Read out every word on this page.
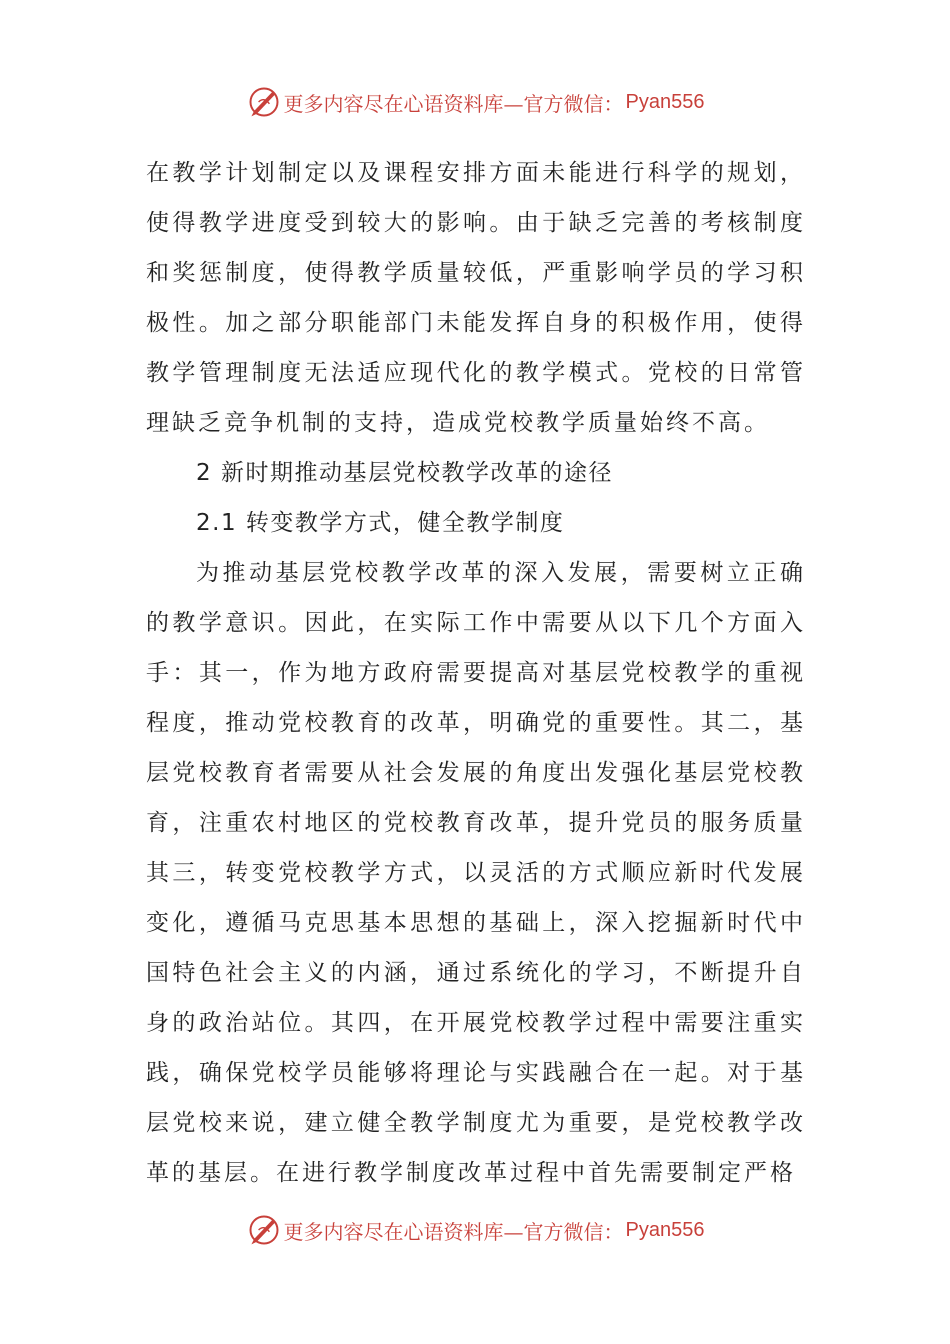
更多内容尽在心语资料库—官方微信： Pyan556

在教学计划制定以及课程安排方面未能进行科学的规划，使得教学进度受到较大的影响。由于缺乏完善的考核制度和奖惩制度，使得教学质量较低，严重影响学员的学习积极性。加之部分职能部门未能发挥自身的积极作用，使得教学管理制度无法适应现代化的教学模式。党校的日常管理缺乏竞争机制的支持，造成党校教学质量始终不高。

2 新时期推动基层党校教学改革的途径

2.1 转变教学方式，健全教学制度

为推动基层党校教学改革的深入发展，需要树立正确的教学意识。因此，在实际工作中需要从以下几个方面入手：其一，作为地方政府需要提高对基层党校教学的重视程度，推动党校教育的改革，明确党的重要性。其二，基层党校教育者需要从社会发展的角度出发强化基层党校教育，注重农村地区的党校教育改革，提升党员的服务质量其三，转变党校教学方式，以灵活的方式顺应新时代发展变化，遵循马克思基本思想的基础上，深入挖掘新时代中国特色社会主义的内涵，通过系统化的学习，不断提升自身的政治站位。其四，在开展党校教学过程中需要注重实践，确保党校学员能够将理论与实践融合在一起。对于基层党校来说，建立健全教学制度尤为重要，是党校教学改革的基层。在进行教学制度改革过程中首先需要制定严格

更多内容尽在心语资料库—官方微信： Pyan556
